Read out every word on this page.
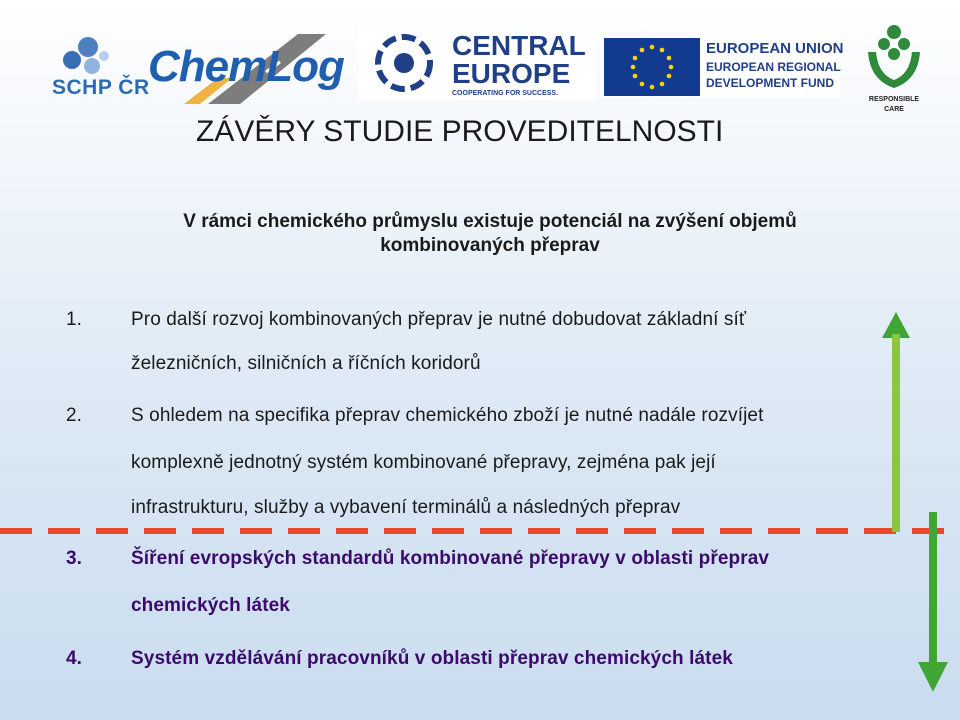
SCHP ČR
ChemLog	CENTRAL
EUROPE
COOPERATING FOR SUCCESS.
EUROPEAN UNION
EUROPEAN REGIONAL
DEVELOPMENT FUND
RESPONSIBLE
CARE
ZÁVĚRY STUDIE PROVEDITELNOSTI
V rámci chemického průmyslu existuje potenciál na zvýšení objemů
kombinovaných přeprav
1.	Pro další rozvoj kombinovaných přeprav je nutné dobudovat základní síť
železničních, silničních a říčních koridorů
2.	S ohledem na specifika přeprav chemického zboží je nutné nadále rozvíjet
komplexně jednotný systém kombinované přepravy, zejména pak její
infrastrukturu, služby a vybavení terminálů a následných přeprav
3.	Šíření evropských standardů kombinované přepravy v oblasti přeprav
chemických látek
4.	Systém vzdělávání pracovníků v oblasti přeprav chemických látek
